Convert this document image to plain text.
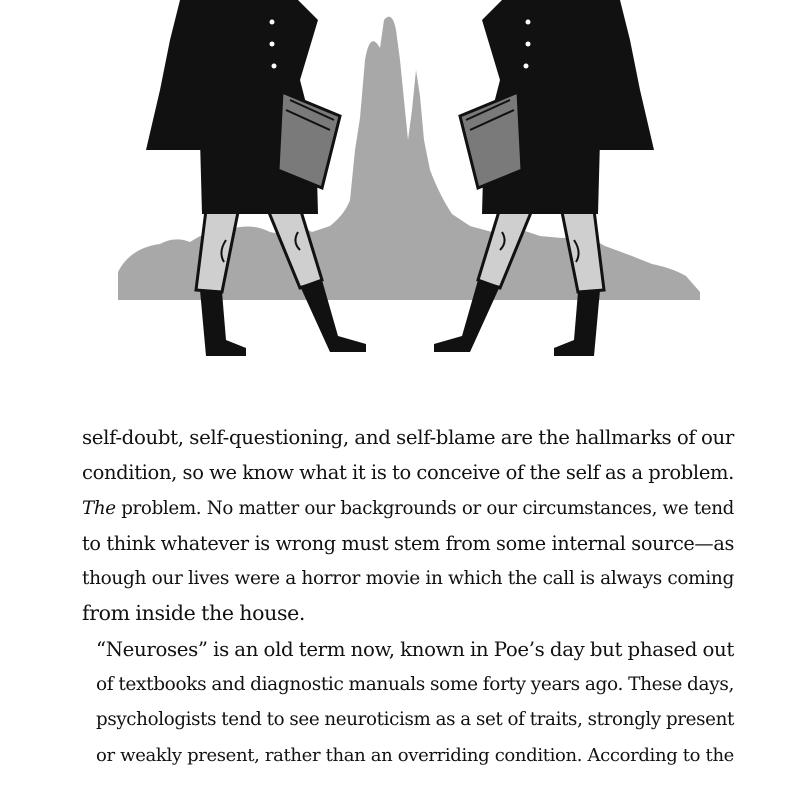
self-doubt, self-questioning, and self-blame are the hallmarks of our
condition, so we know what it is to conceive of the self as a problem.
The problem. No matter our backgrounds or our circumstances, we tend
to think whatever is wrong must stem from some internal source—as
though our lives were a horror movie in which the call is always coming
from inside the house.

“Neuroses” is an old term now, known in Poe’s day but phased out
of textbooks and diagnostic manuals some forty years ago. These days,
psychologists tend to see neuroticism as a set of traits, strongly present
or weakly present, rather than an overriding condition. According to the
